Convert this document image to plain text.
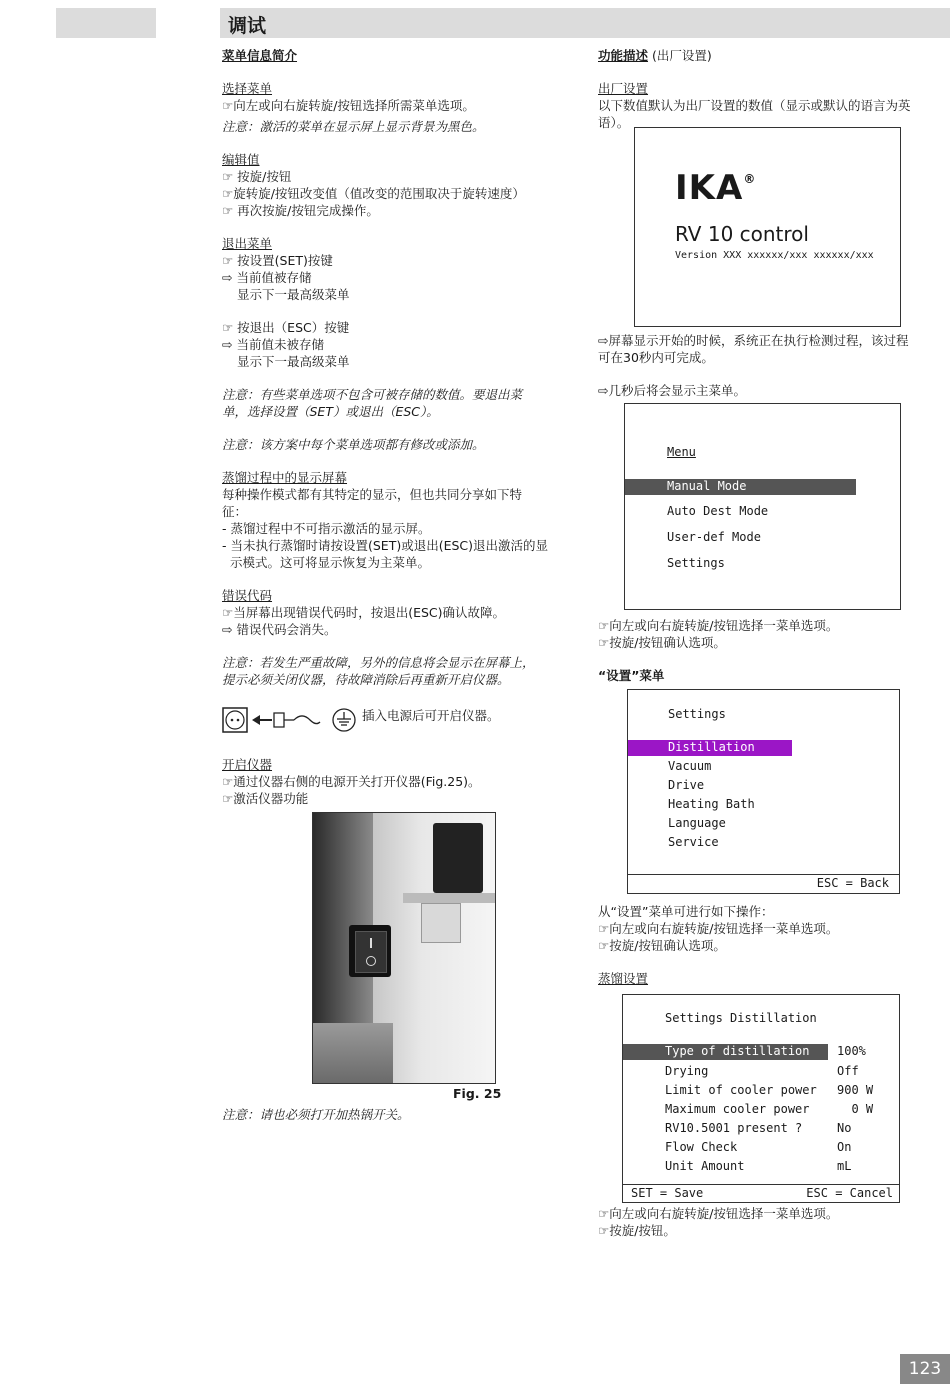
调试
菜单信息简介
选择菜单
☞向左或向右旋转旋/按钮选择所需菜单选项。
注意：激活的菜单在显示屏上显示背景为黑色。
编辑值
☞ 按旋/按钮
☞旋转旋/按钮改变值（值改变的范围取决于旋转速度）
☞ 再次按旋/按钮完成操作。
退出菜单
☞ 按设置(SET)按键
⇨ 当前值被存储
显示下一最高级菜单
☞ 按退出（ESC）按键
⇨ 当前值未被存储
显示下一最高级菜单
注意：有些菜单选项不包含可被存储的数值。要退出菜
单，选择设置（SET）或退出（ESC）。
注意：该方案中每个菜单选项都有修改或添加。
蒸馏过程中的显示屏幕
每种操作模式都有其特定的显示，但也共同分享如下特
征：
- 蒸馏过程中不可指示激活的显示屏。
- 当未执行蒸馏时请按设置(SET)或退出(ESC)退出激活的显
示模式。这可将显示恢复为主菜单。
错误代码
☞当屏幕出现错误代码时，按退出(ESC)确认故障。
⇨ 错误代码会消失。
注意：若发生严重故障，另外的信息将会显示在屏幕上，
提示必须关闭仪器，待故障消除后再重新开启仪器。
插入电源后可开启仪器。
开启仪器
☞通过仪器右侧的电源开关打开仪器(Fig.25)。
☞激活仪器功能
Fig. 25
注意：请也必须打开加热锅开关。
功能描述 (出厂设置)
出厂设置
以下数值默认为出厂设置的数值（显示或默认的语言为英
语）。
IKA®
RV 10 control
Version XXX xxxxxx/xxx xxxxxx/xxx
⇨屏幕显示开始的时候，系统正在执行检测过程，该过程
可在30秒内可完成。
⇨几秒后将会显示主菜单。
Menu
Manual Mode
Auto Dest Mode
User-def Mode
Settings
☞向左或向右旋转旋/按钮选择一菜单选项。
☞按旋/按钮确认选项。
“设置”菜单
Settings
Distillation
Vacuum
Drive
Heating Bath
Language
Service
ESC = Back
从“设置”菜单可进行如下操作：
☞向左或向右旋转旋/按钮选择一菜单选项。
☞按旋/按钮确认选项。
蒸馏设置
Settings Distillation
Type of distillation 100%
Drying	Off
Limit of cooler power 900 W
Maximum cooler power 0 W
RV10.5001 present ?	No
Flow Check	On
Unit Amount	mL
SET = Save	ESC = Cancel
☞向左或向右旋转旋/按钮选择一菜单选项。
☞按旋/按钮。
123
